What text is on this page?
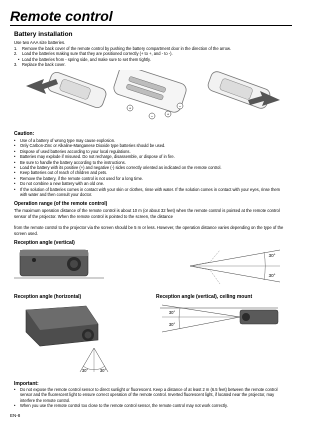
Remote control
Battery installation
Use two AAA size batteries.
1. Remove the back cover of the remote control by pushing the battery compartment door in the direction of the arrow.
2. Load the batteries making sure that they are positioned correctly (+ to +, and - to -).
• Load the batteries from - spring side, and make sure to set them tightly.
3. Replace the back cover.
+
−	+
−
Caution:
• Use of a battery of wrong type may cause explosion.
• Only Carbon-Zinc or Alkaline-Manganese Dioxide type batteries should be used.
• Dispose of used batteries according to your local regulations.
• Batteries may explode if misused. Do not recharge, disassemble, or dispose of in fire.
• Be sure to handle the battery according to the instructions.
• Load the battery with its positive (+) and negative (-) sides correctly oriented as indicated on the remote control.
• Keep batteries out of reach of children and pets.
• Remove the battery, if the remote control is not used for a long time.
• Do not combine a new battery with an old one.
• If the solution of batteries comes in contact with your skin or clothes, rinse with water. If the solution comes in contact with your eyes, rinse them with water and then consult your doctor.
Operation range (of the remote control)
The maximum operation distance of the remote control is about 10 m (or about 32 feet) when the remote control is pointed at the remote control sensor of the projector. When the remote control is pointed to the screen, the distance
from the remote control to the projector via the screen should be 5 m or less. However, the operation distance varies depending on the type of the screen used.
Reception angle (vertical)
30°
30°
Reception angle (horizontal)
30°	30°
Reception angle (vertical), ceiling mount
30°
30°
Important:
• Do not expose the remote control sensor to direct sunlight or fluorescent. Keep a distance of at least 2 m (6.5 feet) between the remote control sensor and the fluorescent light to ensure correct operation of the remote control. Inverted fluorescent light, if located near the projector, may interfere the remote control.
• When you use the remote control too close to the remote control sensor, the remote control may not work correctly.
EN-8
